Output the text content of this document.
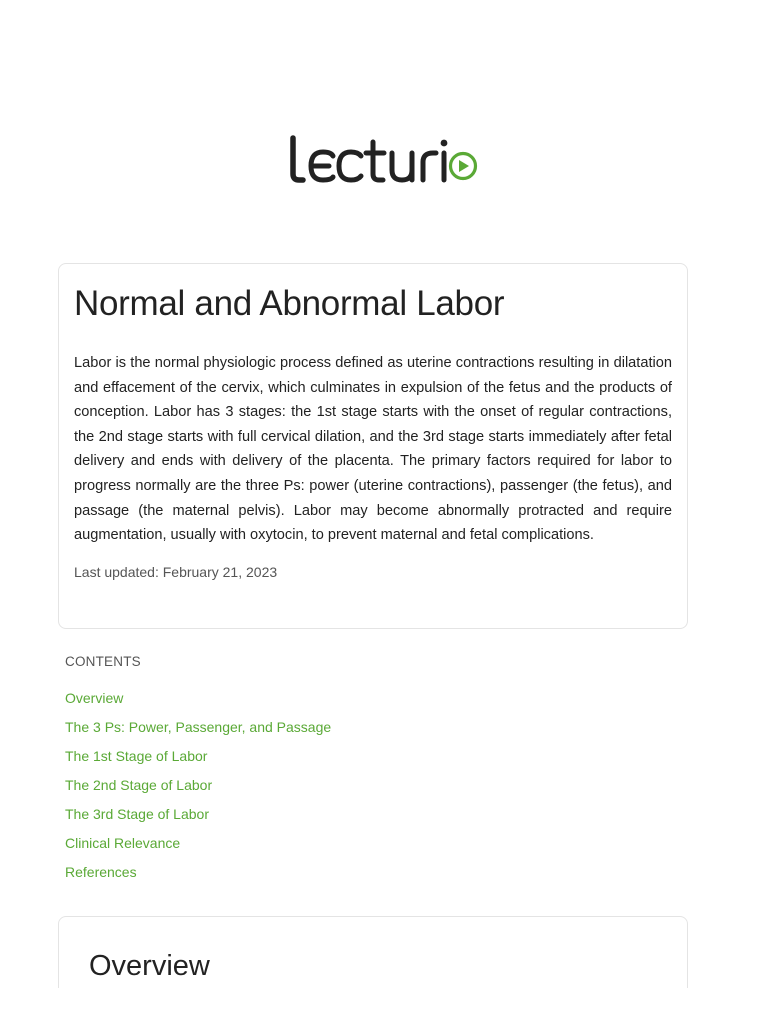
Normal and Abnormal Labor

Labor is the normal physiologic process defined as uterine contractions resulting in dilatation and effacement of the cervix, which culminates in expulsion of the fetus and the products of conception. Labor has 3 stages: the 1st stage starts with the onset of regular contractions, the 2nd stage starts with full cervical dilation, and the 3rd stage starts immediately after fetal delivery and ends with delivery of the placenta. The primary factors required for labor to progress normally are the three Ps: power (uterine contractions), passenger (the fetus), and passage (the maternal pelvis). Labor may become abnormally protracted and require augmentation, usually with oxytocin, to prevent maternal and fetal complications.

Last updated: February 21, 2023

CONTENTS
Overview
The 3 Ps: Power, Passenger, and Passage
The 1st Stage of Labor
The 2nd Stage of Labor
The 3rd Stage of Labor
Clinical Relevance
References
Overview
